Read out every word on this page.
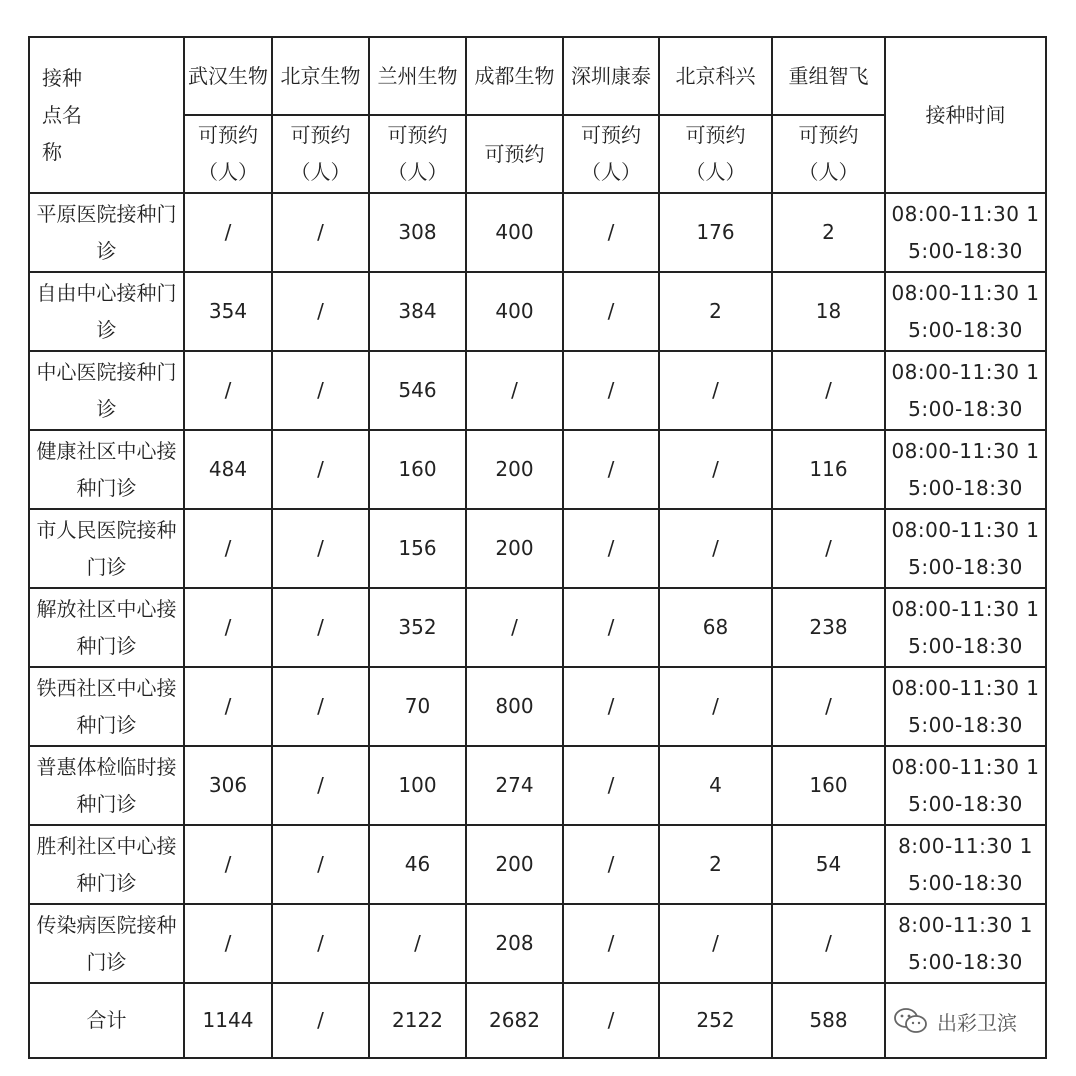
接种
点名
称	武汉生物	北京生物	兰州生物	成都生物	深圳康泰	北京科兴	重组智飞	接种时间
	可预约（人）	可预约（人）	可预约（人）	可预约	可预约（人）	可预约（人）	可预约（人）	
平原医院接种门诊	/	/	308	400	/	176	2	08:00-11:30 15:00-18:30
自由中心接种门诊	354	/	384	400	/	2	18	08:00-11:30 15:00-18:30
中心医院接种门诊	/	/	546	/	/	/	/	08:00-11:30 15:00-18:30
健康社区中心接种门诊	484	/	160	200	/	/	116	08:00-11:30 15:00-18:30
市人民医院接种门诊	/	/	156	200	/	/	/	08:00-11:30 15:00-18:30
解放社区中心接种门诊	/	/	352	/	/	68	238	08:00-11:30 15:00-18:30
铁西社区中心接种门诊	/	/	70	800	/	/	/	08:00-11:30 15:00-18:30
普惠体检临时接种门诊	306	/	100	274	/	4	160	08:00-11:30 15:00-18:30
胜利社区中心接种门诊	/	/	46	200	/	2	54	8:00-11:30 15:00-18:30
传染病医院接种门诊	/	/	/	208	/	/	/	8:00-11:30 15:00-18:30
合计	1144	/	2122	2682	/	252	588		出彩卫滨
